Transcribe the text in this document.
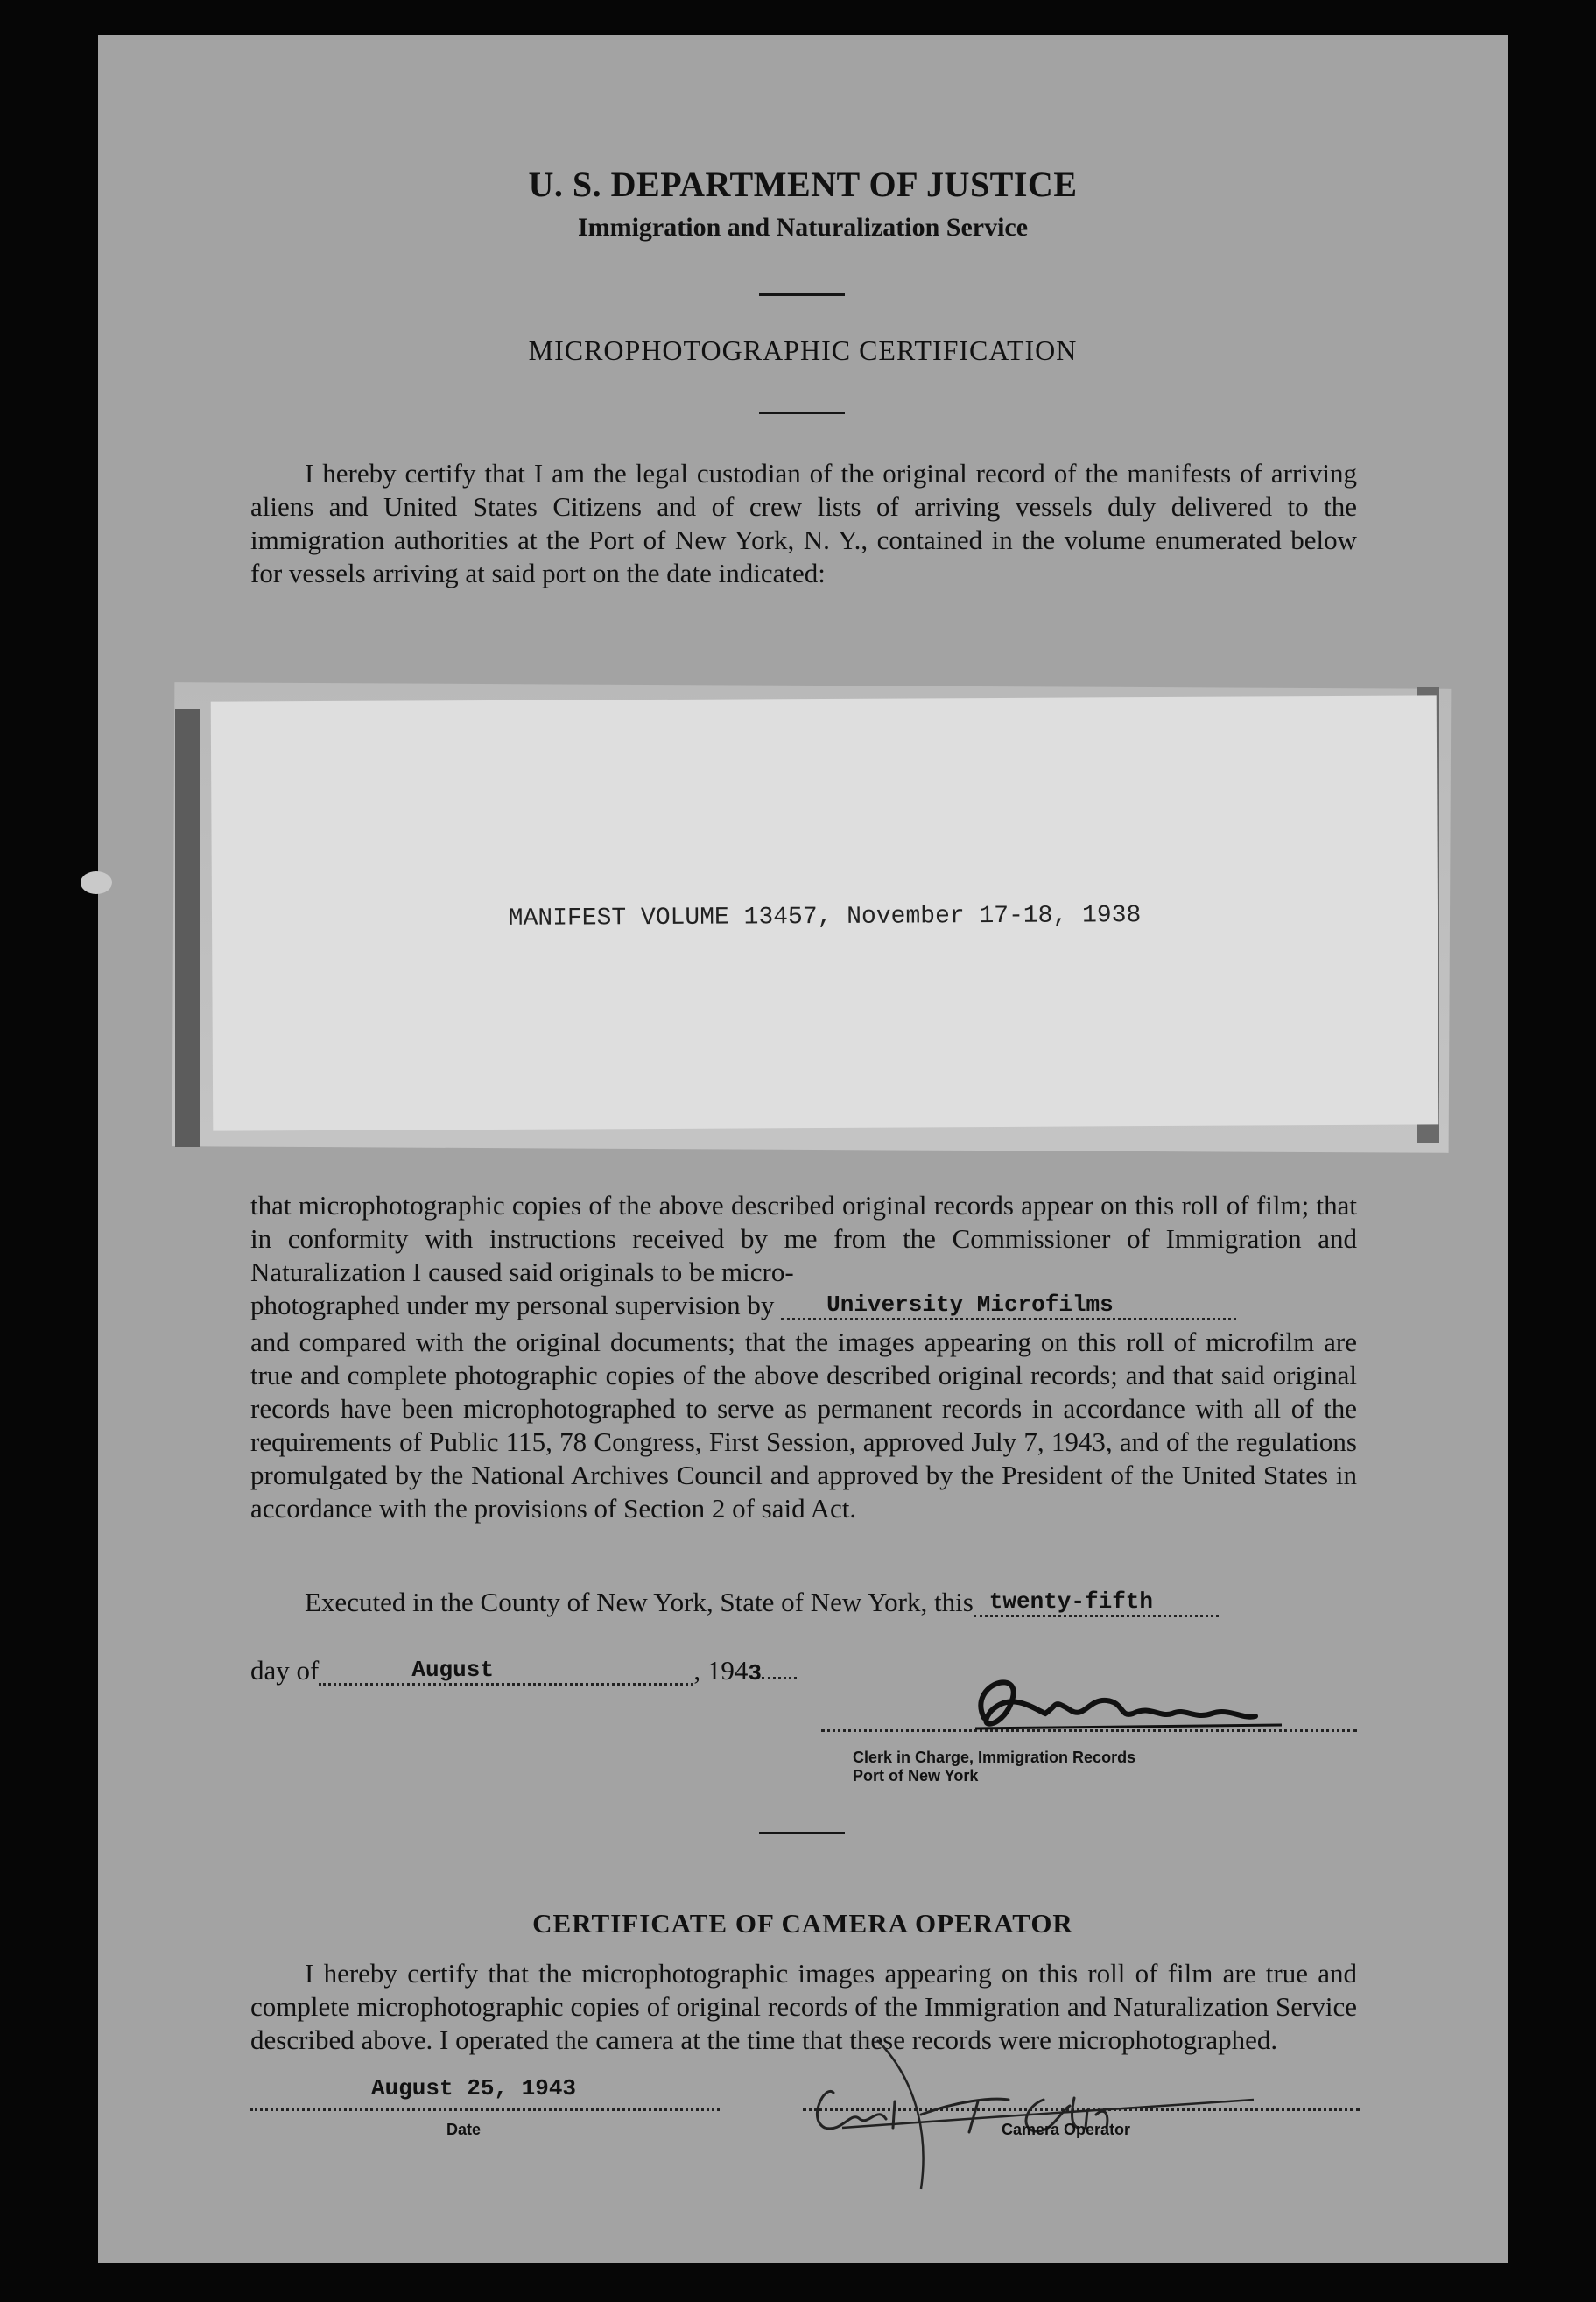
U. S. DEPARTMENT OF JUSTICE
Immigration and Naturalization Service
MICROPHOTOGRAPHIC CERTIFICATION
I hereby certify that I am the legal custodian of the original record of the manifests of arriving aliens and United States Citizens and of crew lists of arriving vessels duly delivered to the immigration authorities at the Port of New York, N. Y., contained in the volume enumerated below for vessels arriving at said port on the date indicated:
MANIFEST VOLUME 13457, November 17-18, 1938
that microphotographic copies of the above described original records appear on this roll of film; that in conformity with instructions received by me from the Commissioner of Immigration and Naturalization I caused said originals to be micro-
photographed under my personal supervision by University Microfilms
and compared with the original documents; that the images appearing on this roll of microfilm are true and complete photographic copies of the above described original records; and that said original records have been microphotographed to serve as permanent records in accordance with all of the requirements of Public 115, 78 Congress, First Session, approved July 7, 1943, and of the regulations promulgated by the National Archives Council and approved by the President of the United States in accordance with the provisions of Section 2 of said Act.
Executed in the County of New York, State of New York, this twenty-fifth
day of	August	, 1943
Clerk in Charge, Immigration Records
Port of New York
CERTIFICATE OF CAMERA OPERATOR
I hereby certify that the microphotographic images appearing on this roll of film are true and complete microphotographic copies of original records of the Immigration and Naturalization Service described above. I operated the camera at the time that these records were microphotographed.
August 25, 1943
Date	Camera Operator
